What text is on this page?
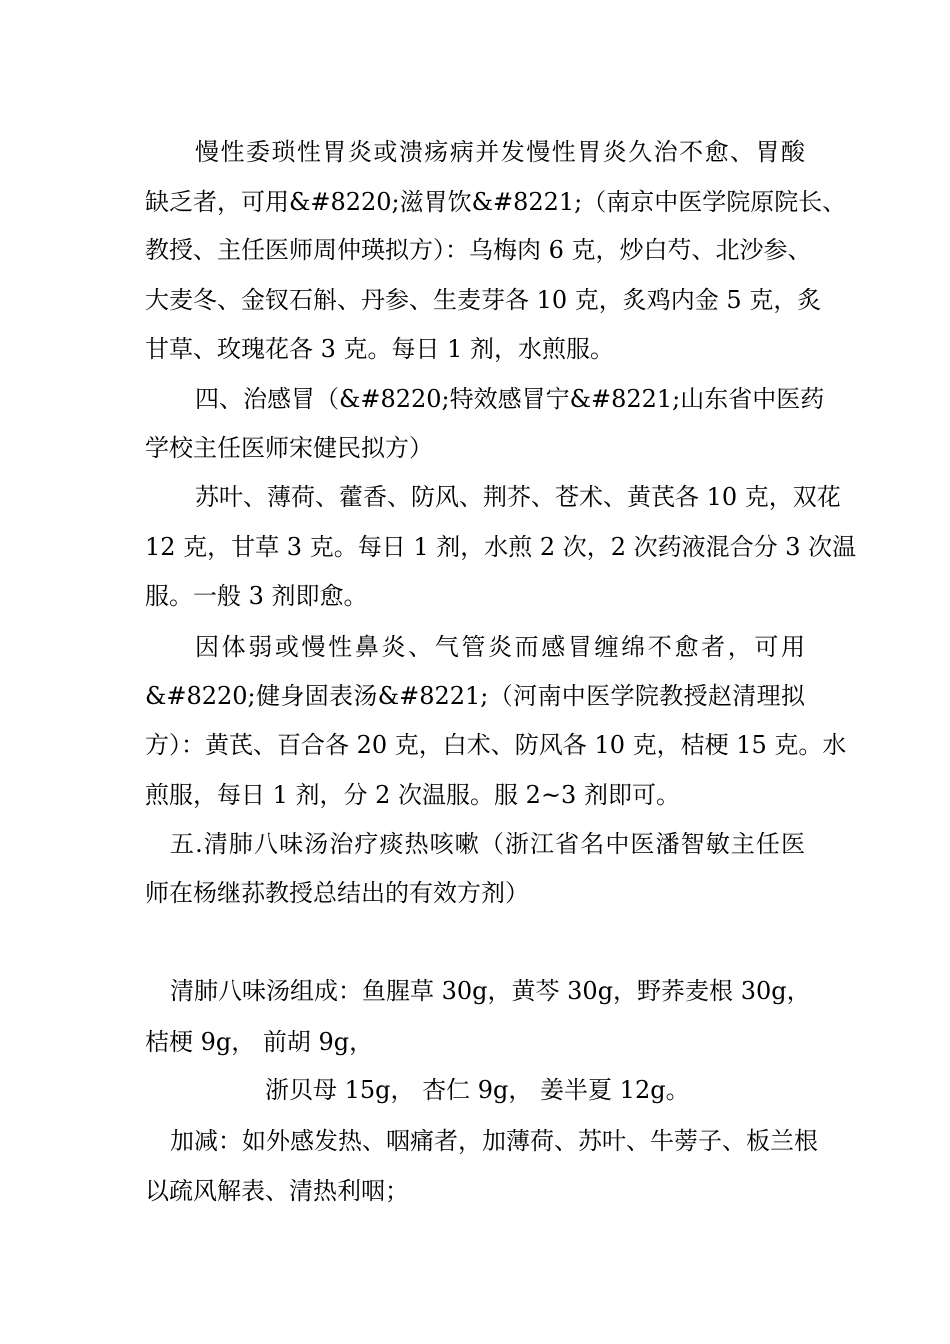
慢性委琐性胃炎或溃疡病并发慢性胃炎久治不愈、胃酸
缺乏者，可用&#8220;滋胃饮&#8221;（南京中医学院原院长、
教授、主任医师周仲瑛拟方）：乌梅肉 6 克，炒白芍、北沙参、
大麦冬、金钗石斛、丹参、生麦芽各 10 克，炙鸡内金 5 克，炙
甘草、玫瑰花各 3 克。每日 1 剂，水煎服。
四、治感冒（&#8220;特效感冒宁&#8221;山东省中医药
学校主任医师宋健民拟方）
苏叶、薄荷、藿香、防风、荆芥、苍术、黄芪各 10 克，双花
12 克，甘草 3 克。每日 1 剂，水煎 2 次，2 次药液混合分 3 次温
服。一般 3 剂即愈。
因体弱或慢性鼻炎、气管炎而感冒缠绵不愈者，可用
&#8220;健身固表汤&#8221;（河南中医学院教授赵清理拟
方）：黄芪、百合各 20 克，白术、防风各 10 克，桔梗 15 克。水
煎服，每日 1 剂，分 2 次温服。服 2~3 剂即可。
五.清肺八味汤治疗痰热咳嗽（浙江省名中医潘智敏主任医
师在杨继荪教授总结出的有效方剂）
清肺八味汤组成：鱼腥草 30g，黄芩 30g，野荞麦根 30g，
桔梗 9g， 前胡 9g，
浙贝母 15g， 杏仁 9g， 姜半夏 12g。
加减：如外感发热、咽痛者，加薄荷、苏叶、牛蒡子、板兰根
以疏风解表、清热利咽；
